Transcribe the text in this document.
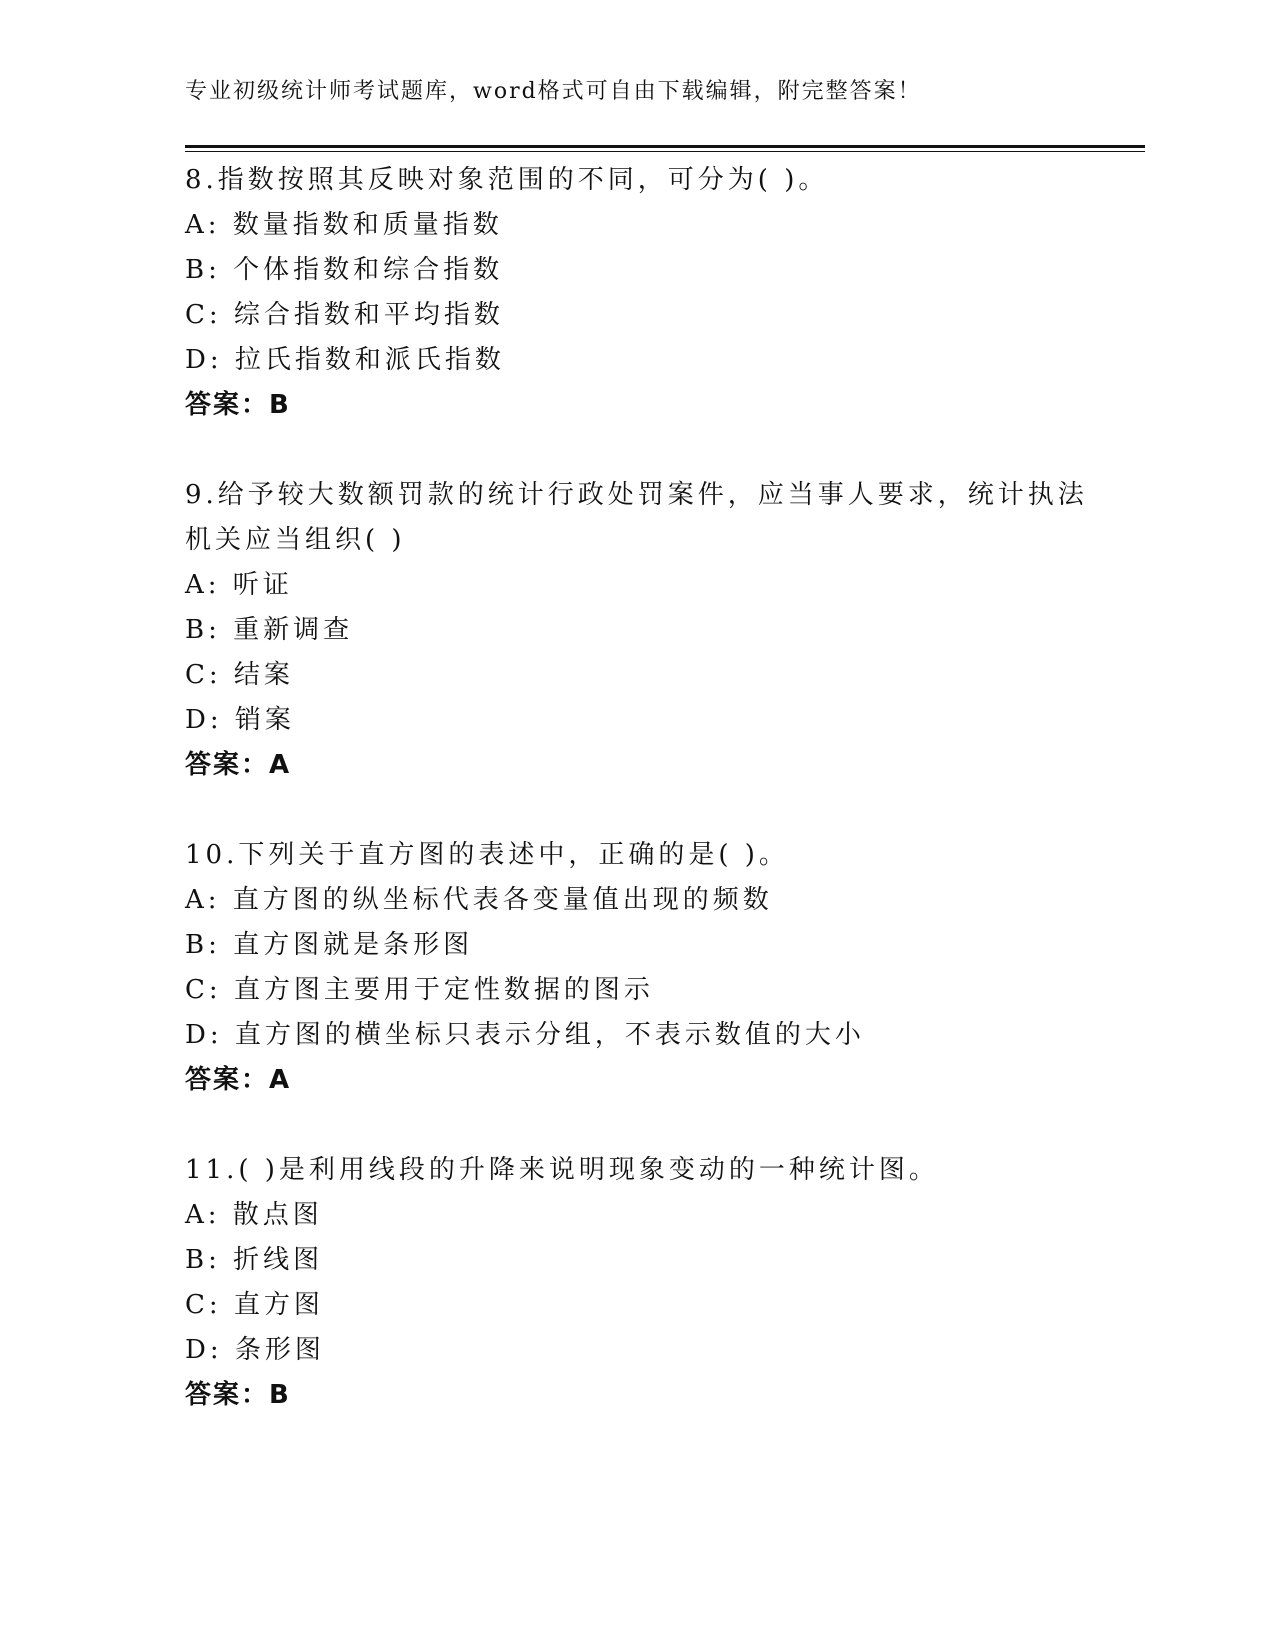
专业初级统计师考试题库，word格式可自由下载编辑，附完整答案！
8.指数按照其反映对象范围的不同，可分为( )。
A: 数量指数和质量指数
B: 个体指数和综合指数
C: 综合指数和平均指数
D: 拉氏指数和派氏指数
答案：B
9.给予较大数额罚款的统计行政处罚案件，应当事人要求，统计执法
机关应当组织( )
A: 听证
B: 重新调查
C: 结案
D: 销案
答案：A
10.下列关于直方图的表述中，正确的是( )。
A: 直方图的纵坐标代表各变量值出现的频数
B: 直方图就是条形图
C: 直方图主要用于定性数据的图示
D: 直方图的横坐标只表示分组，不表示数值的大小
答案：A
11.( )是利用线段的升降来说明现象变动的一种统计图。
A: 散点图
B: 折线图
C: 直方图
D: 条形图
答案：B
